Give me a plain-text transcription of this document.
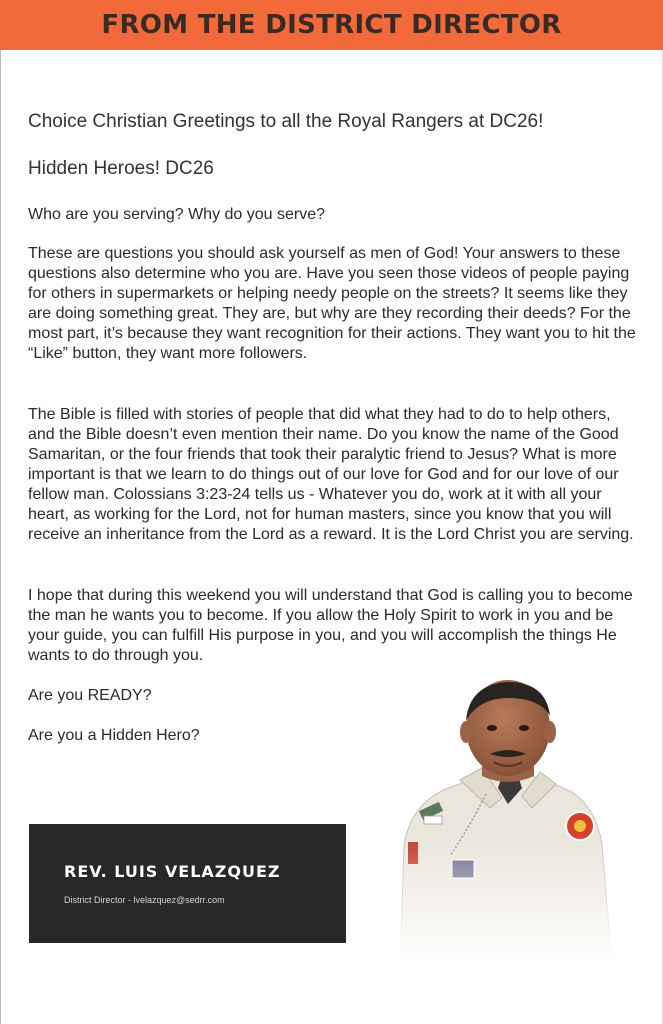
FROM THE DISTRICT DIRECTOR

Choice Christian Greetings to all the Royal Rangers at DC26!

Hidden Heroes! DC26

Who are you serving? Why do you serve?

These are questions you should ask yourself as men of God! Your answers to these questions also determine who you are. Have you seen those videos of people paying for others in supermarkets or helping needy people on the streets? It seems like they are doing something great. They are, but why are they recording their deeds? For the most part, it’s because they want recognition for their actions. They want you to hit the “Like” button, they want more followers.

The Bible is filled with stories of people that did what they had to do to help others, and the Bible doesn’t even mention their name. Do you know the name of the Good Samaritan, or the four friends that took their paralytic friend to Jesus? What is more important is that we learn to do things out of our love for God and for our love of our fellow man. Colossians 3:23-24 tells us - Whatever you do, work at it with all your heart, as working for the Lord, not for human masters, since you know that you will receive an inheritance from the Lord as a reward. It is the Lord Christ you are serving.

I hope that during this weekend you will understand that God is calling you to become the man he wants you to become. If you allow the Holy Spirit to work in you and be your guide, you can fulfill His purpose in you, and you will accomplish the things He wants to do through you.

Are you READY?

Are you a Hidden Hero?

REV. LUIS VELAZQUEZ

District Director - lvelazquez@sedrr.com
